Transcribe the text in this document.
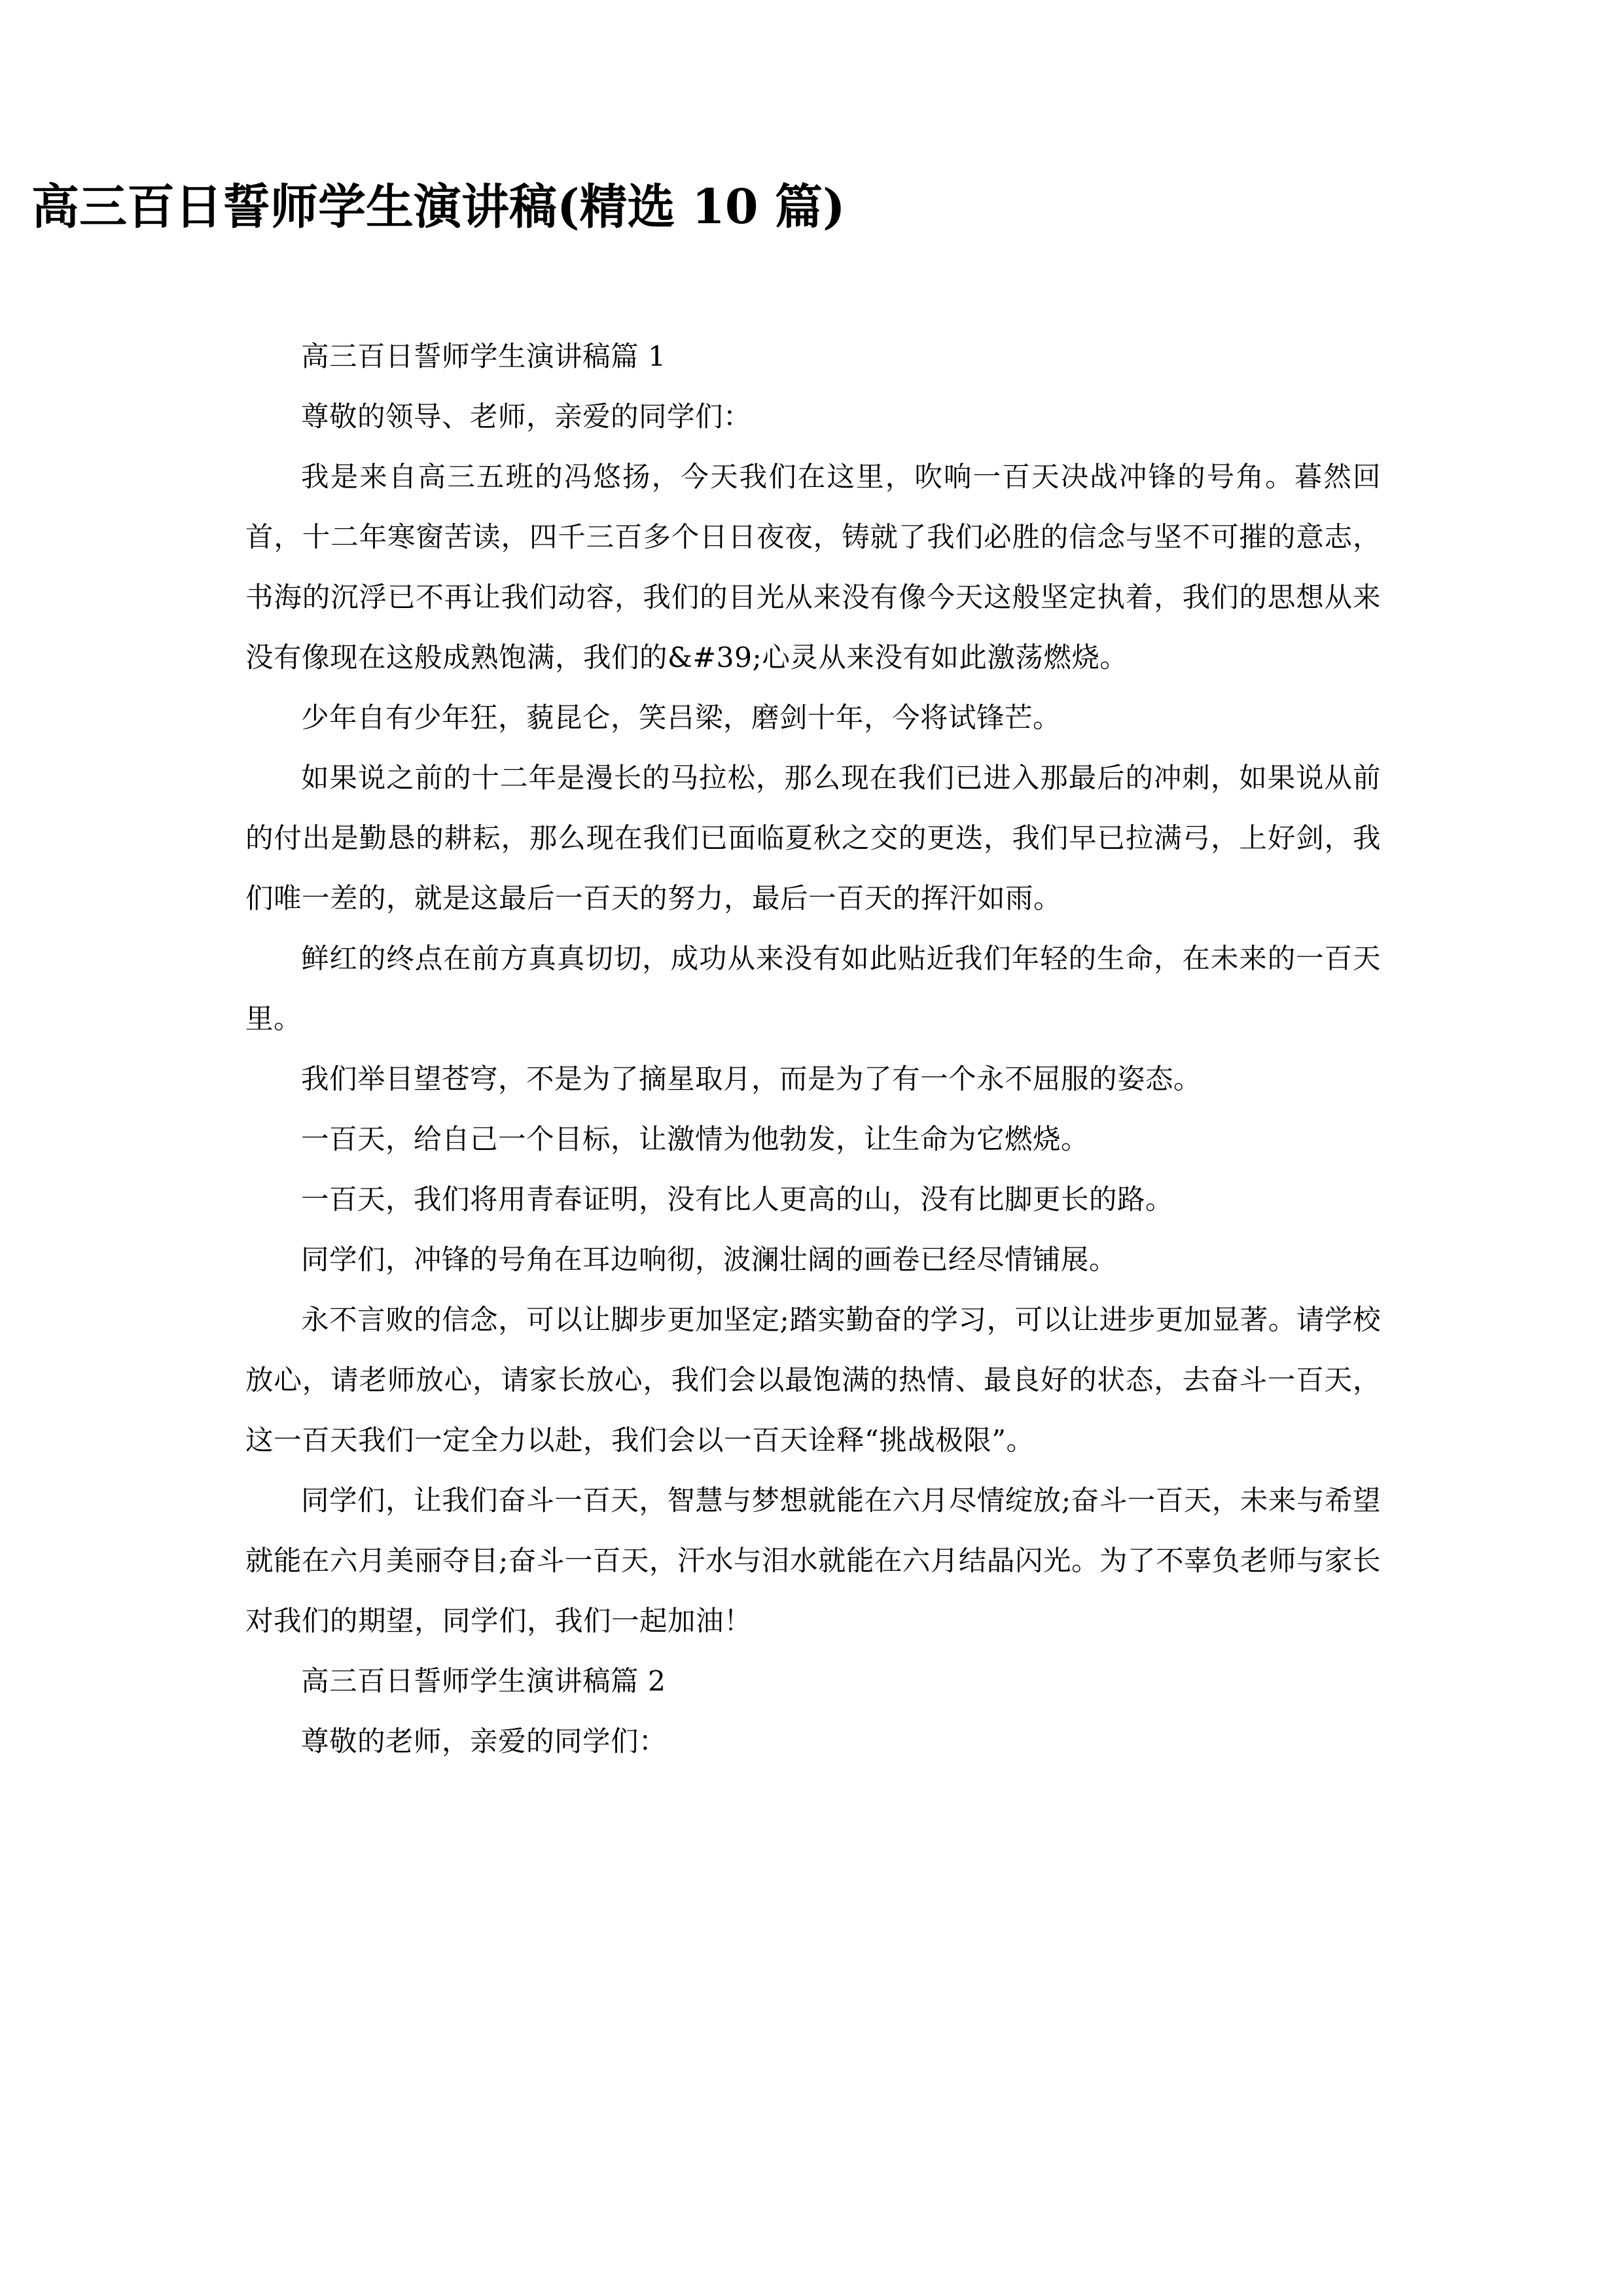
高三百日誓师学生演讲稿(精选 10 篇)

高三百日誓师学生演讲稿篇 1

尊敬的领导、老师，亲爱的同学们：

我是来自高三五班的冯悠扬，今天我们在这里，吹响一百天决战冲锋的号角。暮然回首，十二年寒窗苦读，四千三百多个日日夜夜，铸就了我们必胜的信念与坚不可摧的意志，书海的沉浮已不再让我们动容，我们的目光从来没有像今天这般坚定执着，我们的思想从来没有像现在这般成熟饱满，我们的&#39;心灵从来没有如此激荡燃烧。

少年自有少年狂，藐昆仑，笑吕梁，磨剑十年，今将试锋芒。

如果说之前的十二年是漫长的马拉松，那么现在我们已进入那最后的冲刺，如果说从前的付出是勤恳的耕耘，那么现在我们已面临夏秋之交的更迭，我们早已拉满弓，上好剑，我们唯一差的，就是这最后一百天的努力，最后一百天的挥汗如雨。

鲜红的终点在前方真真切切，成功从来没有如此贴近我们年轻的生命，在未来的一百天里。

我们举目望苍穹，不是为了摘星取月，而是为了有一个永不屈服的姿态。

一百天，给自己一个目标，让激情为他勃发，让生命为它燃烧。

一百天，我们将用青春证明，没有比人更高的山，没有比脚更长的路。

同学们，冲锋的号角在耳边响彻，波澜壮阔的画卷已经尽情铺展。

永不言败的信念，可以让脚步更加坚定;踏实勤奋的学习，可以让进步更加显著。请学校放心，请老师放心，请家长放心，我们会以最饱满的热情、最良好的状态，去奋斗一百天，这一百天我们一定全力以赴，我们会以一百天诠释“挑战极限”。

同学们，让我们奋斗一百天，智慧与梦想就能在六月尽情绽放;奋斗一百天，未来与希望就能在六月美丽夺目;奋斗一百天，汗水与泪水就能在六月结晶闪光。为了不辜负老师与家长对我们的期望，同学们，我们一起加油！

高三百日誓师学生演讲稿篇 2

尊敬的老师，亲爱的同学们：
